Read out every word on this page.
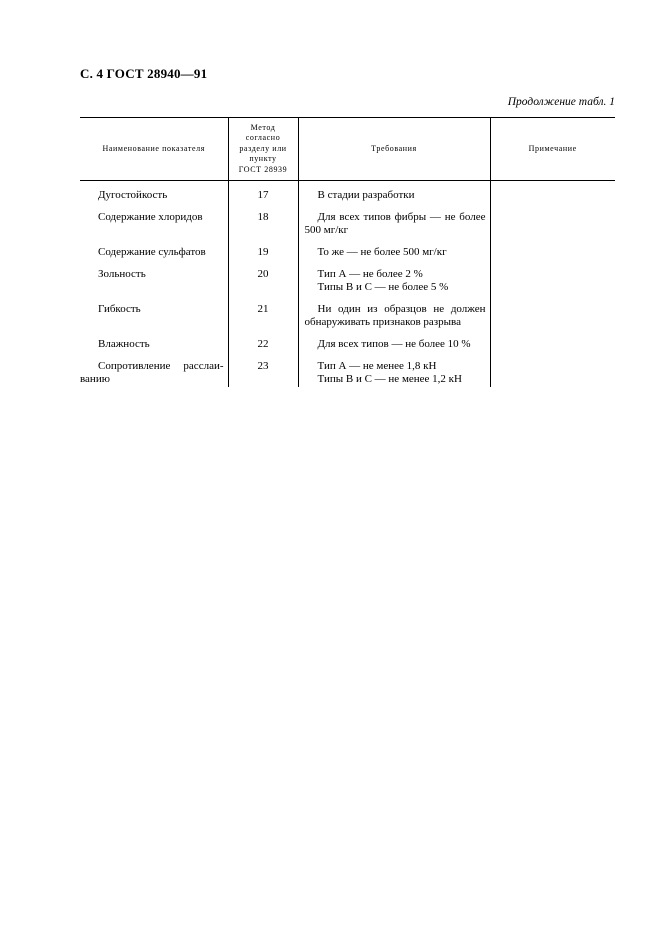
С. 4 ГОСТ 28940—91
Продолжение табл. 1
Наименование показателя	Метод
согласно
разделу или
пункту
ГОСТ 28939	Требования	Примечание
Дугостойкость	17	В стадии разработки	

Содержание хлоридов	18	Для всех типов фибры — не более
500 мг/кг	

Содержание сульфатов	19	То же — не более 500 мг/кг	

Зольность	20	Тип А — не более 2 %
Типы В и С — не более 5 %	

Гибкость	21	Ни один из образцов не должен
обнаруживать признаков разрыва	

Влажность	22	Для всех типов — не более 10 %	

Сопротивление расслаи-
ванию	23	Тип А — не менее 1,8 кН
Типы В и С — не менее 1,2 кН	
